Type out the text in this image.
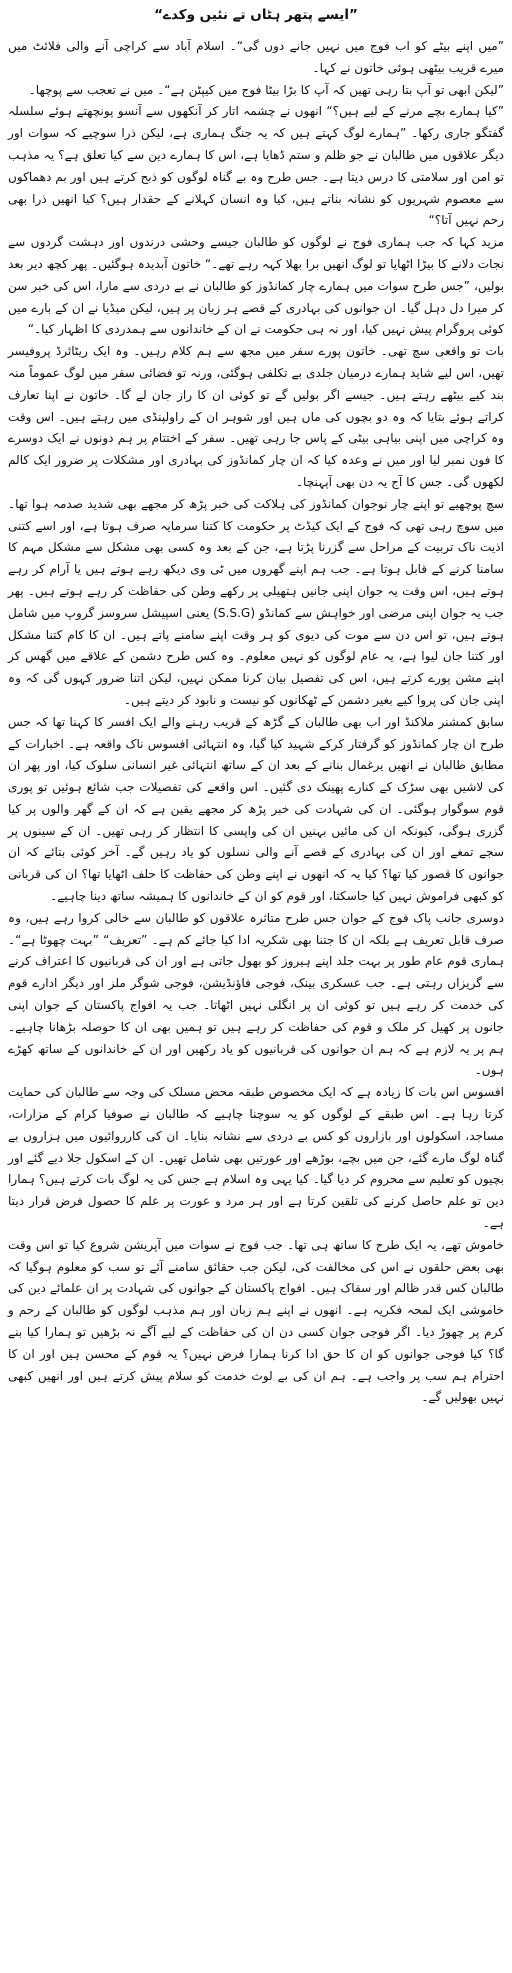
”ایسے پتھر ہٹاں تے نئیں وکدے“

”میں اپنے بیٹے کو اب فوج میں نہیں جانے دوں گی“۔ اسلام آباد سے کراچی آنے والی فلائٹ میں میرے قریب بیٹھی ہوئی خاتون نے کہا۔

”لیکن ابھی تو آپ بتا رہی تھیں کہ آپ کا بڑا بیٹا فوج میں کیپٹن ہے“۔ میں نے تعجب سے پوچھا۔

”کیا ہمارے بچے مرنے کے لیے ہیں؟“ انھوں نے چشمہ اتار کر آنکھوں سے آنسو پونچھتے ہوئے سلسلہ گفتگو جاری رکھا۔ ”ہمارے لوگ کہتے ہیں کہ یہ جنگ ہماری ہے، لیکن ذرا سوچیے کہ سوات اور دیگر علاقوں میں طالبان نے جو ظلم و ستم ڈھایا ہے، اس کا ہمارے دین سے کیا تعلق ہے؟ یہ مذہب تو امن اور سلامتی کا درس دیتا ہے۔ جس طرح وہ بے گناہ لوگوں کو ذبح کرتے ہیں اور بم دھماکوں سے معصوم شہریوں کو نشانہ بناتے ہیں، کیا وہ انسان کہلانے کے حقدار ہیں؟ کیا انھیں ذرا بھی رحم نہیں آتا؟“

مزید کہا کہ جب ہماری فوج نے لوگوں کو طالبان جیسے وحشی درندوں اور دہشت گردوں سے نجات دلانے کا بیڑا اٹھایا تو لوگ انھیں برا بھلا کہہ رہے تھے۔“ خاتون آبدیدہ ہوگئیں۔ پھر کچھ دیر بعد بولیں، ”جس طرح سوات میں ہمارے چار کمانڈوز کو طالبان نے بے دردی سے مارا، اس کی خبر سن کر میرا دل دہل گیا۔ ان جوانوں کی بہادری کے قصے ہر زبان پر ہیں، لیکن میڈیا نے ان کے بارے میں کوئی پروگرام پیش نہیں کیا، اور نہ ہی حکومت نے ان کے خاندانوں سے ہمدردی کا اظہار کیا۔“

بات تو واقعی سچ تھی۔ خاتون پورے سفر میں مجھ سے ہم کلام رہیں۔ وہ ایک ریٹائرڈ پروفیسر تھیں، اس لیے شاید ہمارے درمیان جلدی بے تکلفی ہوگئی، ورنہ تو فضائی سفر میں لوگ عموماً منہ بند کیے بیٹھے رہتے ہیں۔ جیسے اگر بولیں گے تو کوئی ان کا راز جان لے گا۔ خاتون نے اپنا تعارف کراتے ہوئے بتایا کہ وہ دو بچوں کی ماں ہیں اور شوہر ان کے راولپنڈی میں رہتے ہیں۔ اس وقت وہ کراچی میں اپنی بیاہی بیٹی کے پاس جا رہی تھیں۔ سفر کے اختتام پر ہم دونوں نے ایک دوسرے کا فون نمبر لیا اور میں نے وعدہ کیا کہ ان چار کمانڈوز کی بہادری اور مشکلات پر ضرور ایک کالم لکھوں گی۔ جس کا آج یہ دن بھی آپہنچا۔

سچ پوچھیے تو اپنے چار نوجوان کمانڈوز کی ہلاکت کی خبر پڑھ کر مجھے بھی شدید صدمہ ہوا تھا۔ میں سوچ رہی تھی کہ فوج کے ایک کیڈٹ پر حکومت کا کتنا سرمایہ صرف ہوتا ہے، اور اسے کتنی اذیت ناک تربیت کے مراحل سے گزرنا پڑتا ہے، جن کے بعد وہ کسی بھی مشکل سے مشکل مہم کا سامنا کرنے کے قابل ہوتا ہے۔ جب ہم اپنے گھروں میں ٹی وی دیکھ رہے ہوتے ہیں یا آرام کر رہے ہوتے ہیں، اس وقت یہ جوان اپنی جانیں ہتھیلی پر رکھے وطن کی حفاظت کر رہے ہوتے ہیں۔ پھر جب یہ جوان اپنی مرضی اور خواہش سے کمانڈو (S.S.G) یعنی اسپیشل سروسز گروپ میں شامل ہوتے ہیں، تو اس دن سے موت کی دیوی کو ہر وقت اپنے سامنے پاتے ہیں۔ ان کا کام کتنا مشکل اور کتنا جان لیوا ہے، یہ عام لوگوں کو نہیں معلوم۔ وہ کس طرح دشمن کے علاقے میں گھس کر اپنے مشن پورے کرتے ہیں، اس کی تفصیل بیان کرنا ممکن نہیں، لیکن اتنا ضرور کہوں گی کہ وہ اپنی جان کی پروا کیے بغیر دشمن کے ٹھکانوں کو نیست و نابود کر دیتے ہیں۔

سابق کمشنر ملاکنڈ اور اب بھی طالبان کے گڑھ کے قریب رہنے والے ایک افسر کا کہنا تھا کہ جس طرح ان چار کمانڈوز کو گرفتار کرکے شہید کیا گیا، وہ انتہائی افسوس ناک واقعہ ہے۔ اخبارات کے مطابق طالبان نے انھیں یرغمال بنانے کے بعد ان کے ساتھ انتہائی غیر انسانی سلوک کیا، اور پھر ان کی لاشیں بھی سڑک کے کنارے پھینک دی گئیں۔ اس واقعے کی تفصیلات جب شائع ہوئیں تو پوری قوم سوگوار ہوگئی۔ ان کی شہادت کی خبر پڑھ کر مجھے یقین ہے کہ ان کے گھر والوں پر کیا گزری ہوگی، کیونکہ ان کی مائیں بہنیں ان کی واپسی کا انتظار کر رہی تھیں۔ ان کے سینوں پر سجے تمغے اور ان کی بہادری کے قصے آنے والی نسلوں کو یاد رہیں گے۔ آخر کوئی بتائے کہ ان جوانوں کا قصور کیا تھا؟ کیا یہ کہ انھوں نے اپنے وطن کی حفاظت کا حلف اٹھایا تھا؟ ان کی قربانی کو کبھی فراموش نہیں کیا جاسکتا، اور قوم کو ان کے خاندانوں کا ہمیشہ ساتھ دینا چاہیے۔

دوسری جانب پاک فوج کے جوان جس طرح متاثرہ علاقوں کو طالبان سے خالی کروا رہے ہیں، وہ صرف قابل تعریف ہے بلکہ ان کا جتنا بھی شکریہ ادا کیا جائے کم ہے۔ ”تعریف“ ”بہت چھوٹا ہے“۔ ہماری قوم عام طور پر بہت جلد اپنے ہیروز کو بھول جاتی ہے اور ان کی قربانیوں کا اعتراف کرنے سے گریزاں رہتی ہے۔ جب عسکری بینک، فوجی فاؤنڈیشن، فوجی شوگر ملز اور دیگر ادارے قوم کی خدمت کر رہے ہیں تو کوئی ان پر انگلی نہیں اٹھاتا۔ جب یہ افواج پاکستان کے جوان اپنی جانوں پر کھیل کر ملک و قوم کی حفاظت کر رہے ہیں تو ہمیں بھی ان کا حوصلہ بڑھانا چاہیے۔ ہم پر یہ لازم ہے کہ ہم ان جوانوں کی قربانیوں کو یاد رکھیں اور ان کے خاندانوں کے ساتھ کھڑے ہوں۔

افسوس اس بات کا زیادہ ہے کہ ایک مخصوص طبقہ محض مسلک کی وجہ سے طالبان کی حمایت کرتا رہا ہے۔ اس طبقے کے لوگوں کو یہ سوچنا چاہیے کہ طالبان نے صوفیا کرام کے مزارات، مساجد، اسکولوں اور بازاروں کو کس بے دردی سے نشانہ بنایا۔ ان کی کارروائیوں میں ہزاروں بے گناہ لوگ مارے گئے، جن میں بچے، بوڑھے اور عورتیں بھی شامل تھیں۔ ان کے اسکول جلا دیے گئے اور بچیوں کو تعلیم سے محروم کر دیا گیا۔ کیا یہی وہ اسلام ہے جس کی یہ لوگ بات کرتے ہیں؟ ہمارا دین تو علم حاصل کرنے کی تلقین کرتا ہے اور ہر مرد و عورت پر علم کا حصول فرض قرار دیتا ہے۔

خاموش تھے، یہ ایک طرح کا ساتھ ہی تھا۔ جب فوج نے سوات میں آپریشن شروع کیا تو اس وقت بھی بعض حلقوں نے اس کی مخالفت کی، لیکن جب حقائق سامنے آئے تو سب کو معلوم ہوگیا کہ طالبان کس قدر ظالم اور سفاک ہیں۔ افواج پاکستان کے جوانوں کی شہادت پر ان علمائے دین کی خاموشی ایک لمحہ فکریہ ہے۔ انھوں نے اپنے ہم زبان اور ہم مذہب لوگوں کو طالبان کے رحم و کرم پر چھوڑ دیا۔ اگر فوجی جوان کسی دن ان کی حفاظت کے لیے آگے نہ بڑھیں تو ہمارا کیا بنے گا؟ کیا فوجی جوانوں کو ان کا حق ادا کرنا ہمارا فرض نہیں؟ یہ قوم کے محسن ہیں اور ان کا احترام ہم سب پر واجب ہے۔ ہم ان کی بے لوث خدمت کو سلام پیش کرتے ہیں اور انھیں کبھی نہیں بھولیں گے۔
